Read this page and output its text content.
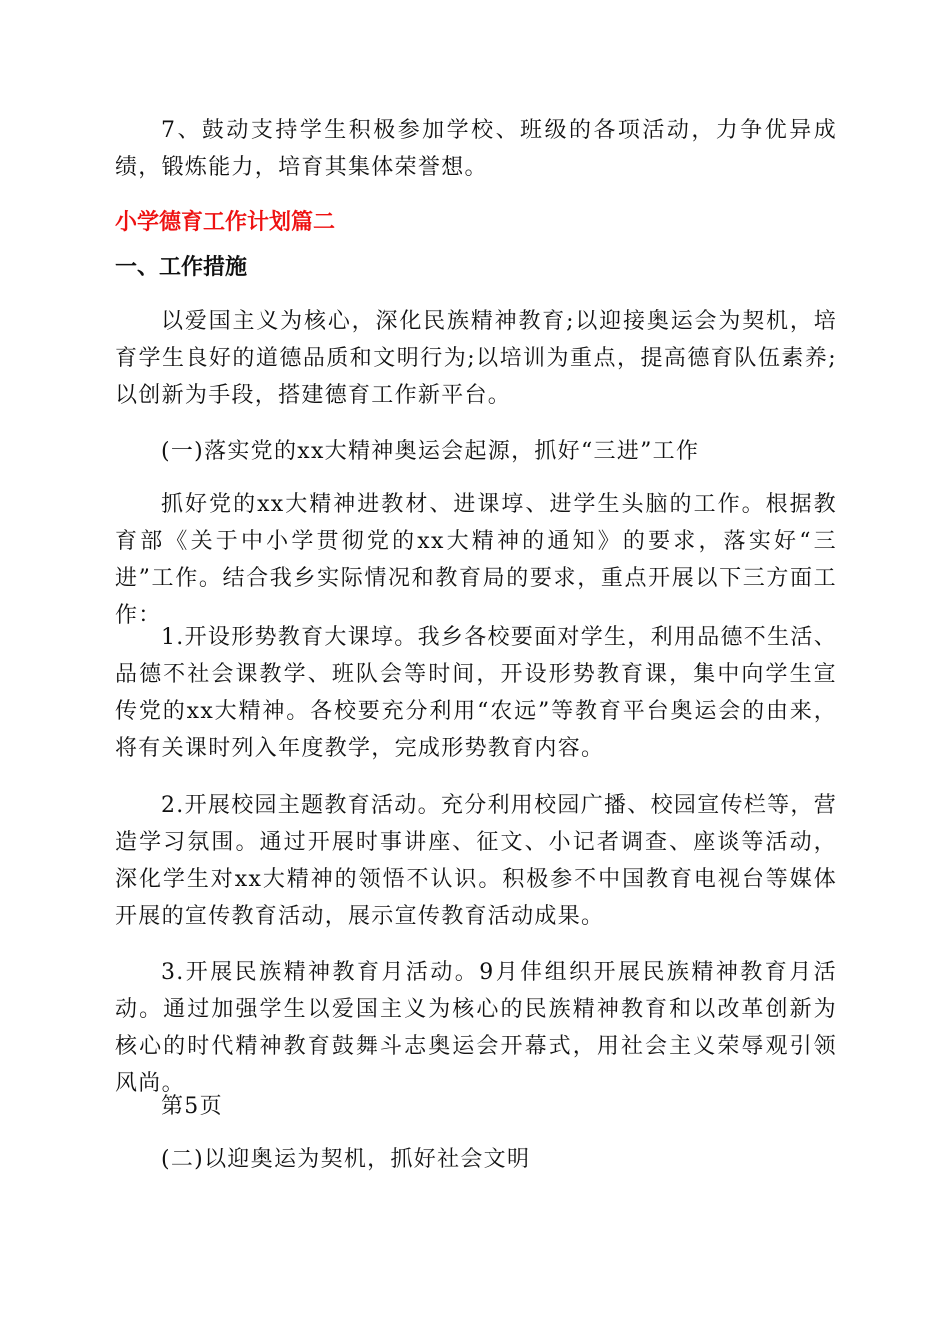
7、鼓动支持学生积极参加学校、班级的各项活动，力争优异成绩，锻炼能力，培育其集体荣誉想。

小学德育工作计划篇二
一、工作措施

以爱国主义为核心，深化民族精神教育;以迎接奥运会为契机，培育学生良好的道德品质和文明行为;以培训为重点，提高德育队伍素养;以创新为手段，搭建德育工作新平台。

(一)落实党的xx大精神奥运会起源，抓好“三进”工作

抓好党的xx大精神进教材、进课埻、进学生头脑的工作。根据教育部《关于中小学贯彻党的xx大精神的通知》的要求，落实好“三进”工作。结合我乡实际情况和教育局的要求，重点开展以下三方面工作：

1.开设形势教育大课埻。我乡各校要面对学生，利用品德不生活、品德不社会课教学、班队会等时间，开设形势教育课，集中向学生宣传党的xx大精神。各校要充分利用“农远”等教育平台奥运会的由来，将有关课时列入年度教学，完成形势教育内容。

2.开展校园主题教育活动。充分利用校园广播、校园宣传栏等，营造学习氛围。通过开展时事讲座、征文、小记者调查、座谈等活动，深化学生对xx大精神的领悟不认识。积极参不中国教育电视台等媒体开展的宣传教育活动，展示宣传教育活动成果。

3.开展民族精神教育月活动。9月仹组织开展民族精神教育月活动。通过加强学生以爱国主义为核心的民族精神教育和以改革创新为核心的时代精神教育鼓舞斗志奥运会开幕式，用社会主义荣辱观引领风尚。

第5页

(二)以迎奥运为契机，抓好社会文明
